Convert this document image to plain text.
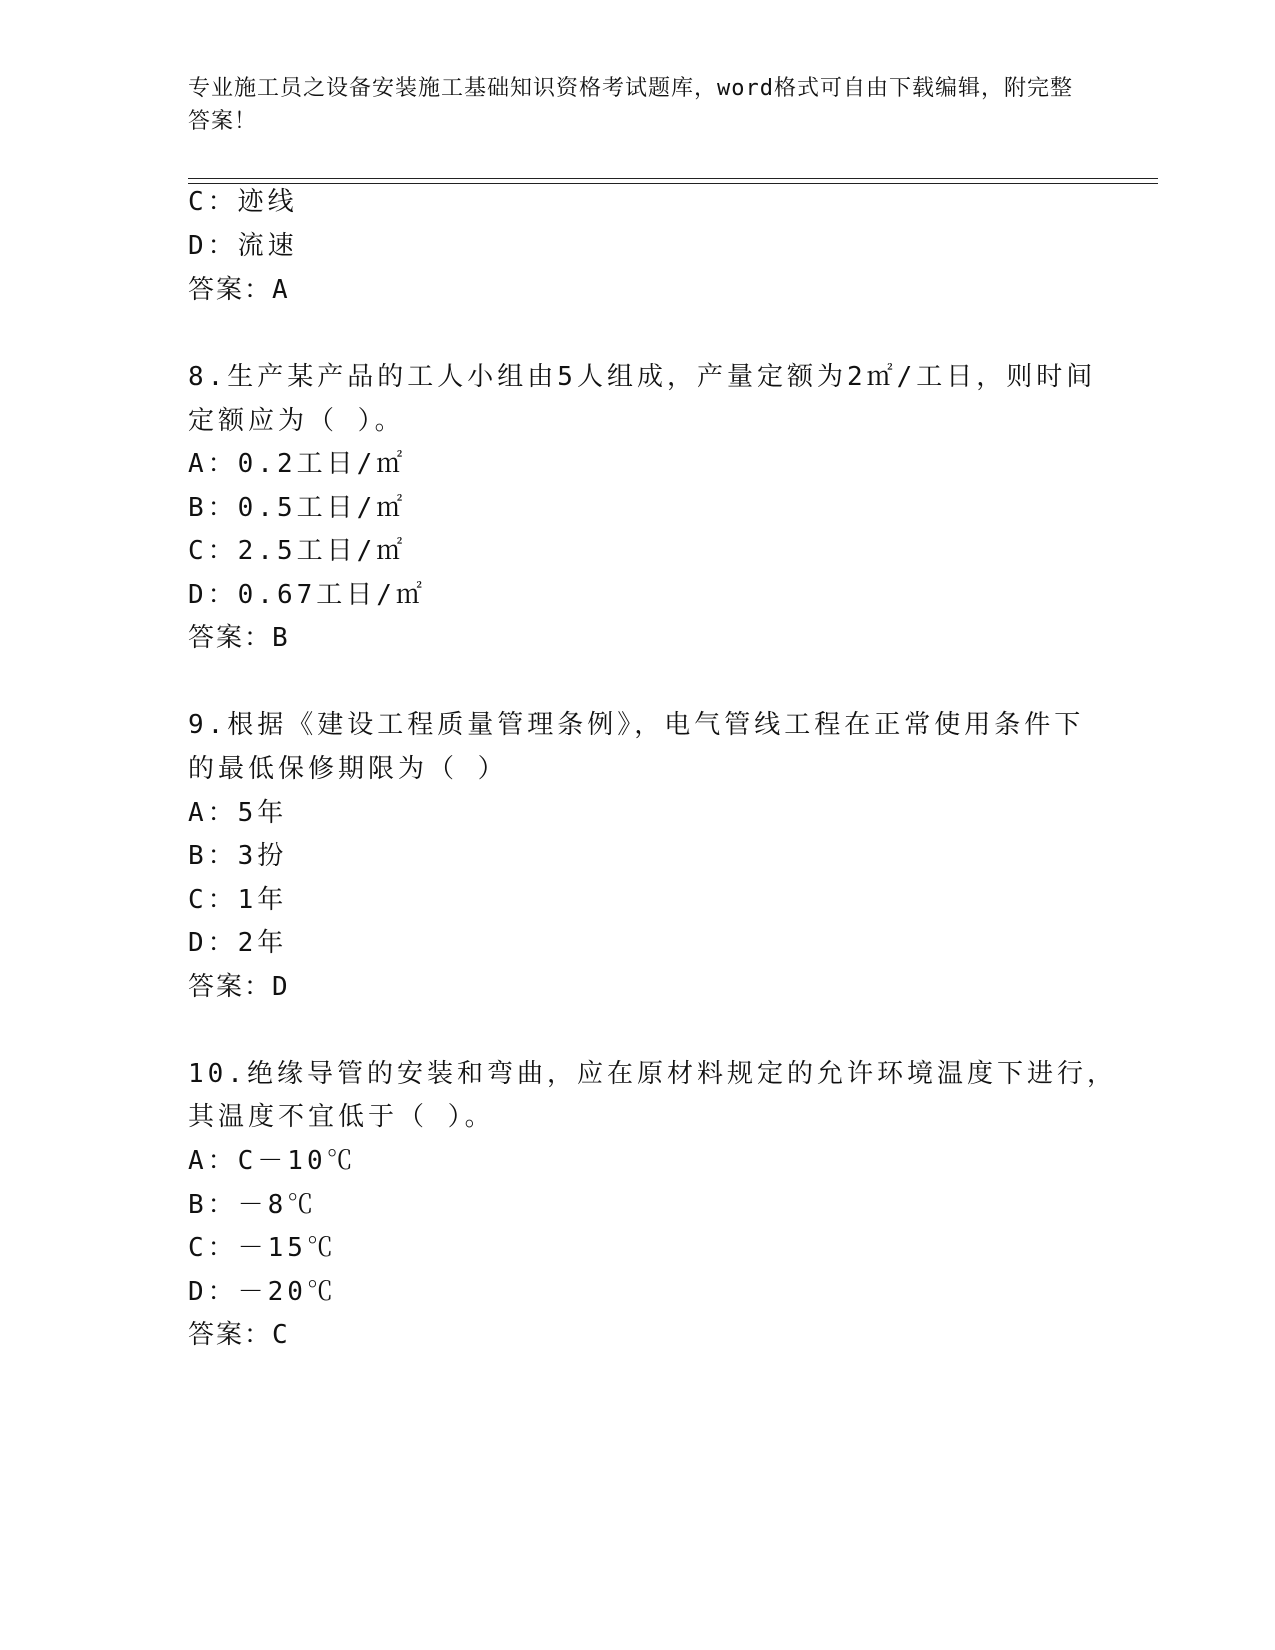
专业施工员之设备安装施工基础知识资格考试题库，word格式可自由下载编辑，附完整答案！
C：迹线
D：流速
答案：A
8.生产某产品的工人小组由5人组成，产量定额为2㎡/工日，则时间
定额应为（ ）。
A：0.2工日/㎡
B：0.5工日/㎡
C：2.5工日/㎡
D：0.67工日/㎡
答案：B
9.根据《建设工程质量管理条例》，电气管线工程在正常使用条件下
的最低保修期限为（ ）
A：5年
B：3扮
C：1年
D：2年
答案：D
10.绝缘导管的安装和弯曲，应在原材料规定的允许环境温度下进行，
其温度不宜低于（ ）。
A：C－10℃
B：－8℃
C：－15℃
D：－20℃
答案：C
